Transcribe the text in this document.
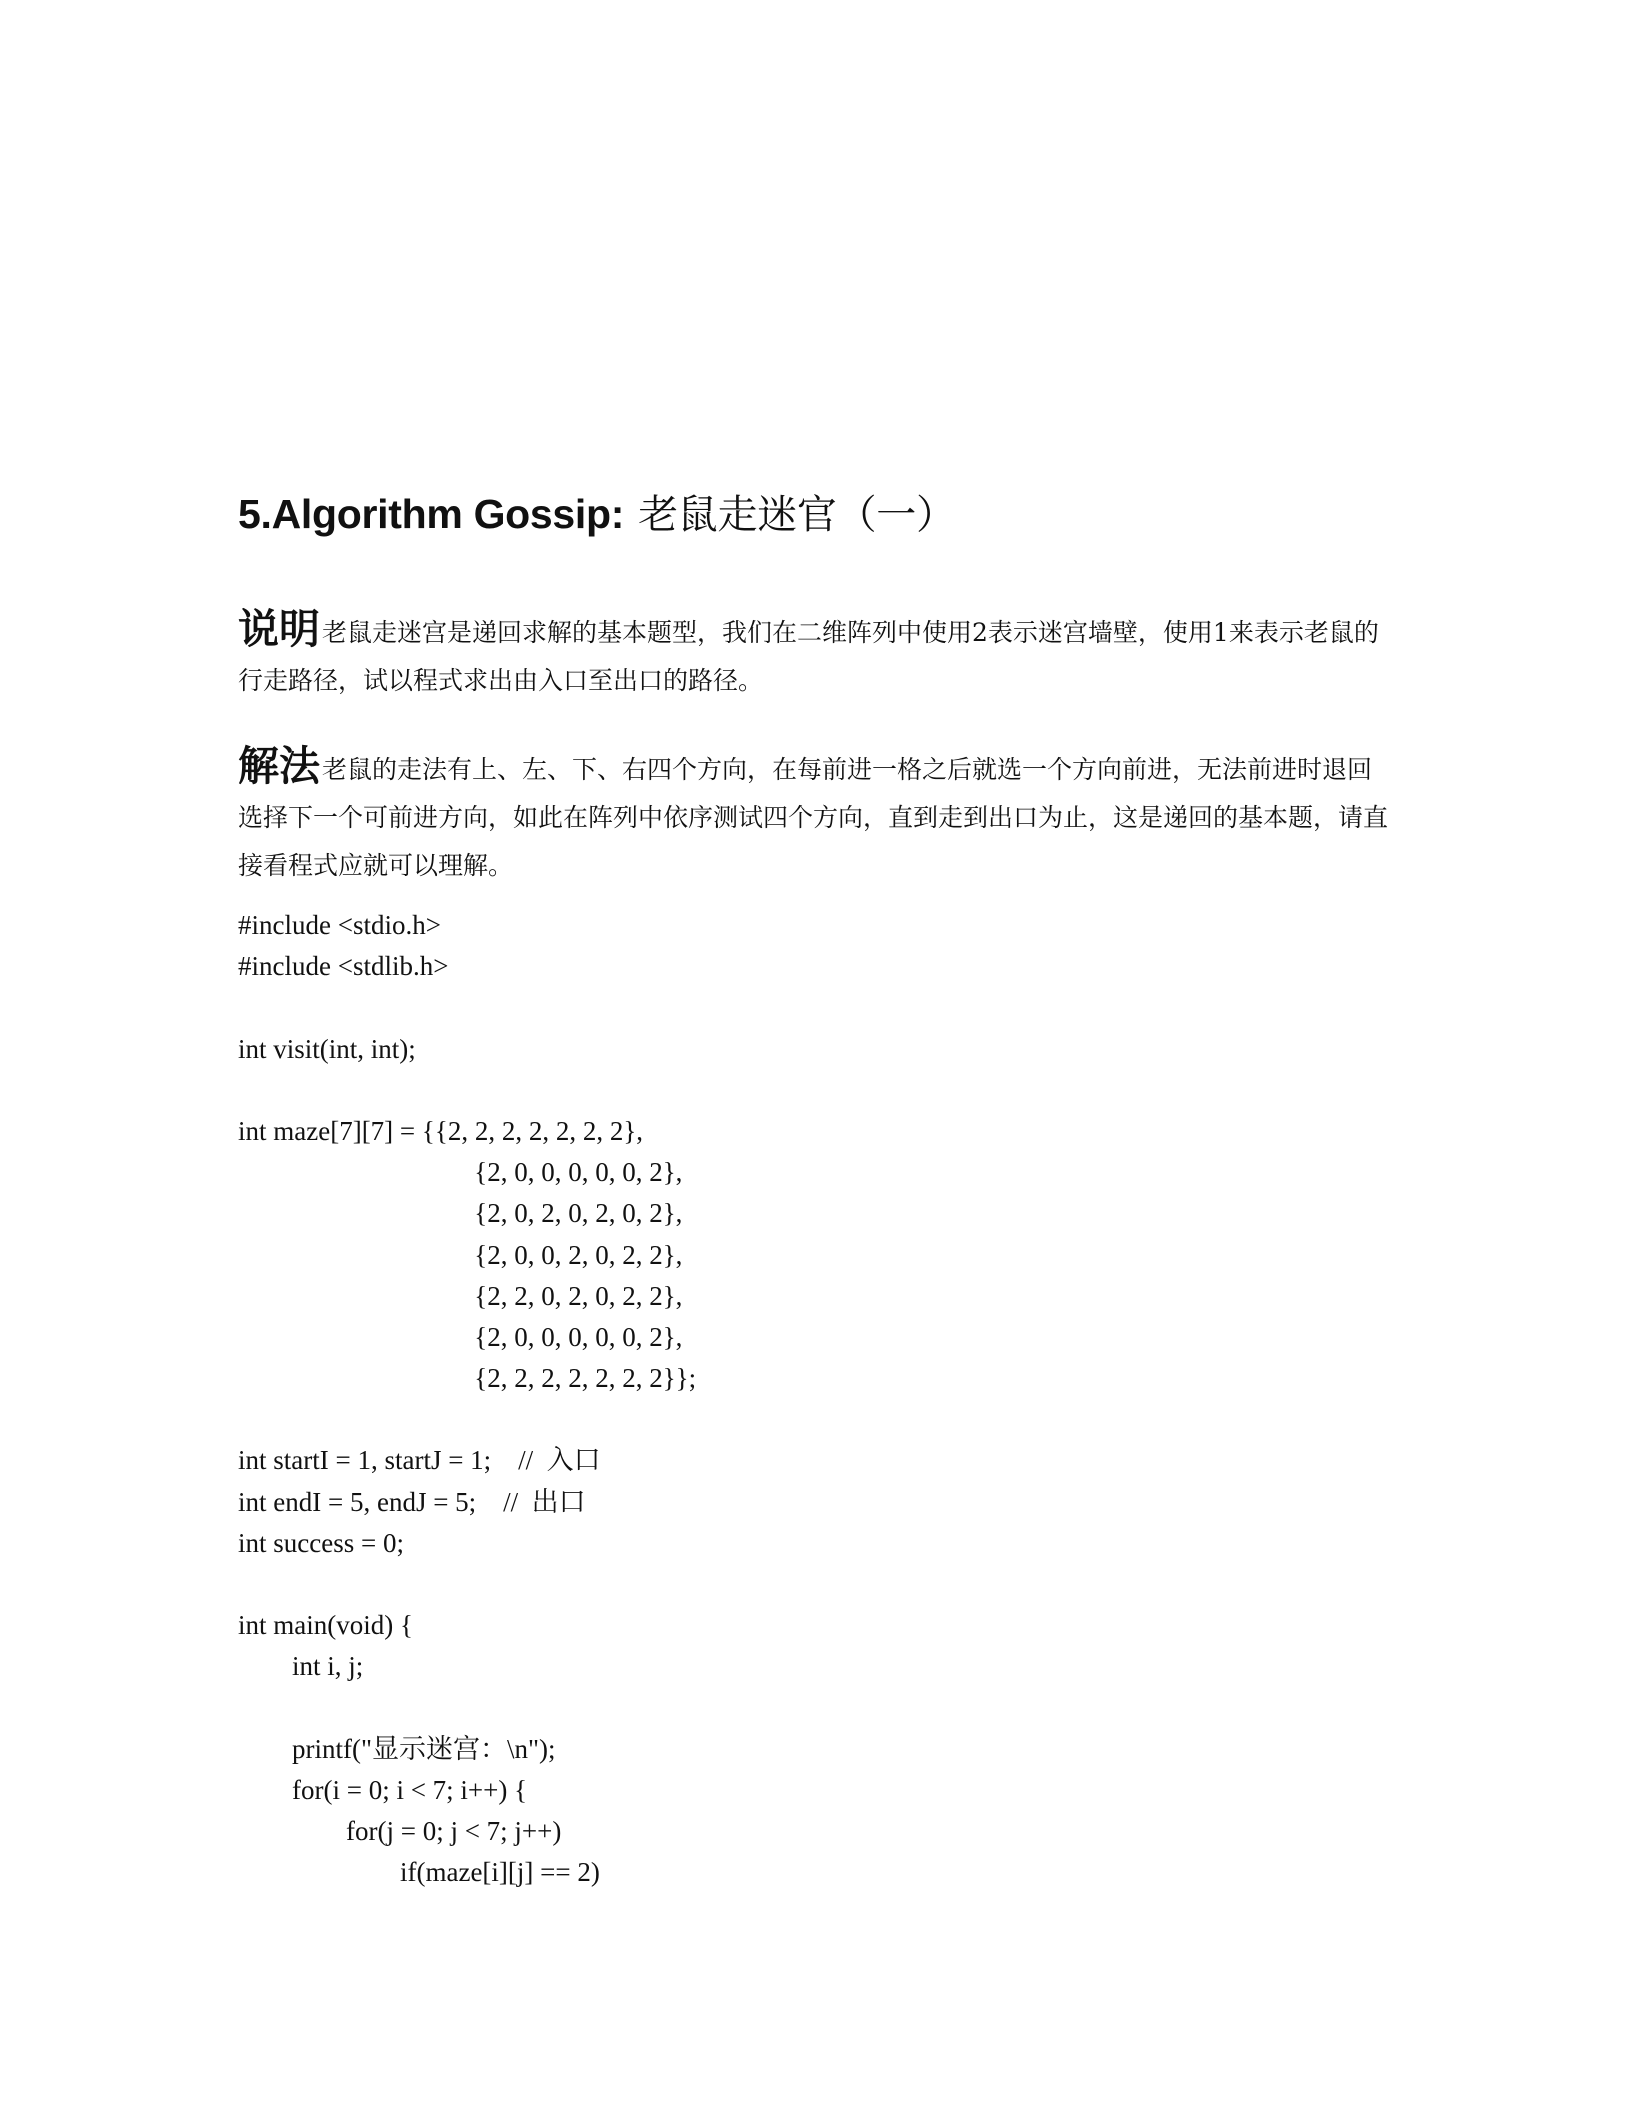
5.Algorithm Gossip: 老鼠走迷官（一）
说明老鼠走迷宫是递回求解的基本题型，我们在二维阵列中使用2表示迷宫墙壁，使用1来表示老鼠的行走路径，试以程式求出由入口至出口的路径。
解法老鼠的走法有上、左、下、右四个方向，在每前进一格之后就选一个方向前进，无法前进时退回选择下一个可前进方向，如此在阵列中依序测试四个方向，直到走到出口为止，这是递回的基本题，请直接看程式应就可以理解。
#include <stdio.h>
#include <stdlib.h>
int visit(int, int);
int maze[7][7] = {{2, 2, 2, 2, 2, 2, 2},
{2, 0, 0, 0, 0, 0, 2},
{2, 0, 2, 0, 2, 0, 2},
{2, 0, 0, 2, 0, 2, 2},
{2, 2, 0, 2, 0, 2, 2},
{2, 0, 0, 0, 0, 0, 2},
{2, 2, 2, 2, 2, 2, 2}};
int startI = 1, startJ = 1;    //  入口
int endI = 5, endJ = 5;    //  出口
int success = 0;
int main(void) {
int i, j;
printf("显示迷宫：\n");
for(i = 0; i < 7; i++) {
for(j = 0; j < 7; j++)
if(maze[i][j] == 2)
